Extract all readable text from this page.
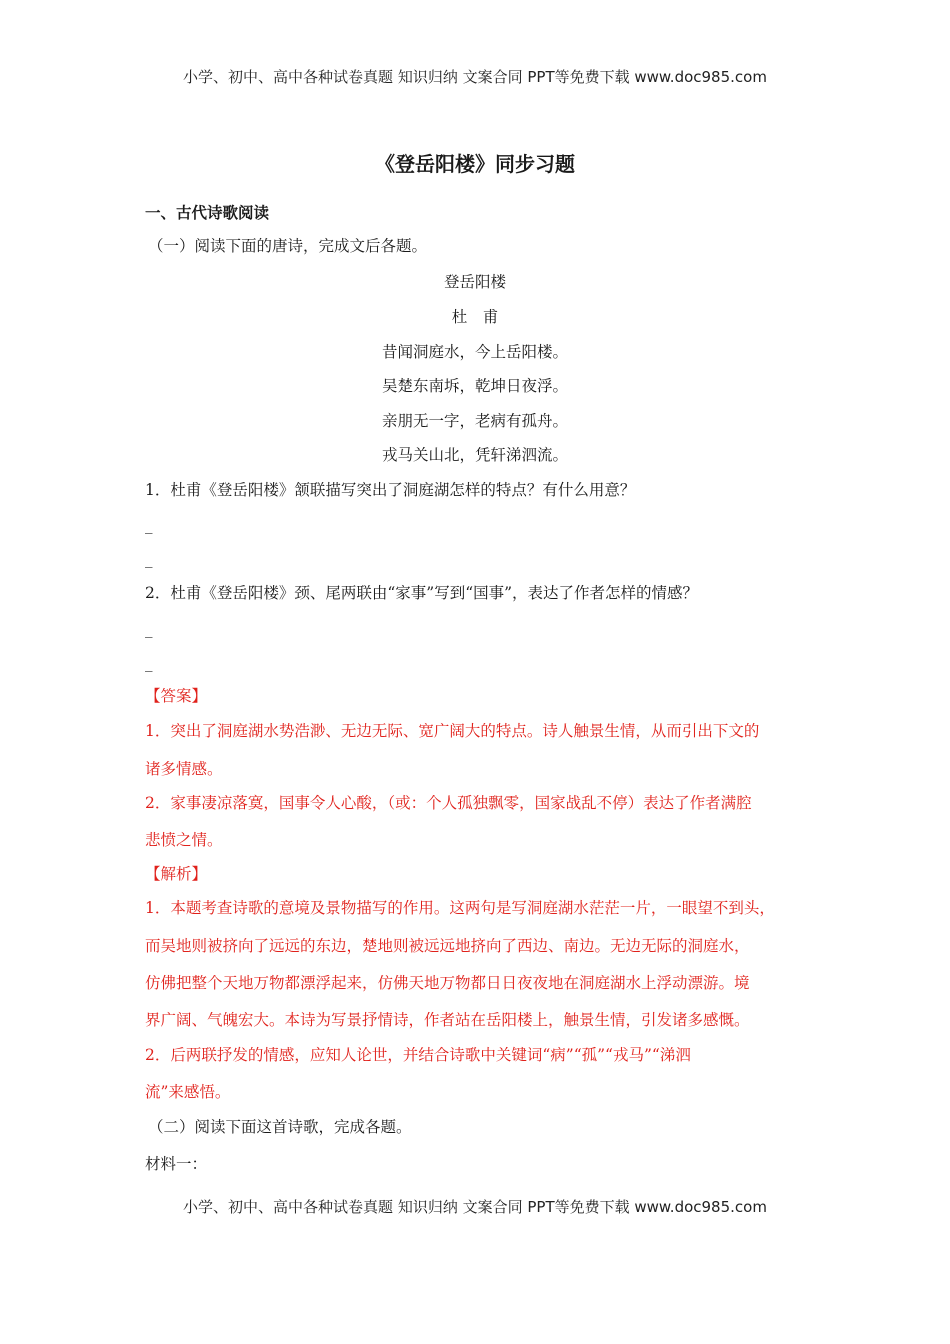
小学、初中、高中各种试卷真题 知识归纳 文案合同 PPT等免费下载 www.doc985.com
《登岳阳楼》同步习题
一、古代诗歌阅读
（一）阅读下面的唐诗，完成文后各题。
登岳阳楼
杜　甫
昔闻洞庭水，今上岳阳楼。
吴楚东南坼，乾坤日夜浮。
亲朋无一字，老病有孤舟。
戎马关山北，凭轩涕泗流。
1．杜甫《登岳阳楼》颔联描写突出了洞庭湖怎样的特点？有什么用意？
_
_
2．杜甫《登岳阳楼》颈、尾两联由“家事”写到“国事”，表达了作者怎样的情感？
_
_
【答案】
1．突出了洞庭湖水势浩渺、无边无际、宽广阔大的特点。诗人触景生情，从而引出下文的
诸多情感。
2．家事凄凉落寞，国事令人心酸，（或：个人孤独飘零，国家战乱不停）表达了作者满腔
悲愤之情。
【解析】
1．本题考查诗歌的意境及景物描写的作用。这两句是写洞庭湖水茫茫一片，一眼望不到头，
而吴地则被挤向了远远的东边，楚地则被远远地挤向了西边、南边。无边无际的洞庭水，
仿佛把整个天地万物都漂浮起来，仿佛天地万物都日日夜夜地在洞庭湖水上浮动漂游。境
界广阔、气魄宏大。本诗为写景抒情诗，作者站在岳阳楼上，触景生情，引发诸多感慨。
2．后两联抒发的情感，应知人论世，并结合诗歌中关键词“病”“孤”“戎马”“涕泗
流”来感悟。
（二）阅读下面这首诗歌，完成各题。
材料一：
小学、初中、高中各种试卷真题 知识归纳 文案合同 PPT等免费下载 www.doc985.com
